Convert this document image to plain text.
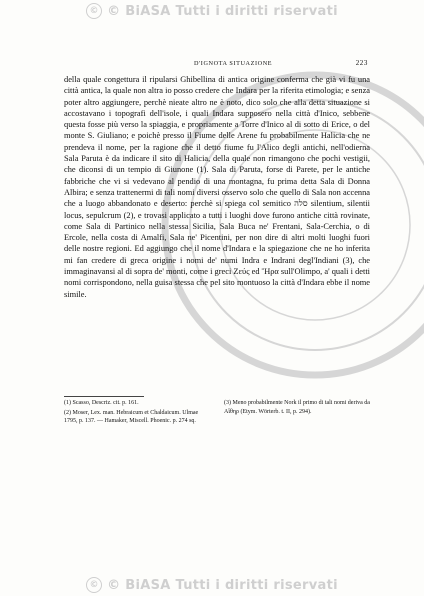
© © BiASA Tutti i diritti riservati
D'IGNOTA SITUAZIONE	223

della quale congettura il ripularsi Ghibellina di antica origine conferma che già vi fu una città antica, la quale non altra io posso credere che Indara per la riferita etimologia; e senza poter altro aggiungere, perchè nieate altro ne è noto, dico solo che alla detta situazione si accostavano i topografi dell'isole, i quali Indara supposero nella città d'Inico, sebbene questa fosse più verso la spiaggia, e propriamente a Torre d'Inico al di sotto di Erice, o del monte S. Giuliano; e poichè presso il Fiume delle Arene fu probabilmente Halicia che ne prendeva il nome, per la ragione che il detto fiume fu l'Alico degli antichi, nell'odierna Sala Paruta è da indicare il sito di Halicia, della quale non rimangono che pochi vestigii, che diconsi di un tempio di Giunone (1). Sala di Paruta, forse di Parete, per le antiche fabbriche che vi si vedevano al pendio di una montagna, fu prima detta Sala di Donna Albira; e senza trattenermi di tali nomi diversi osservo solo che quello di Sala non accenna che a luogo abbandonato e deserto: perchè si spiega col semitico סלה silentium, silentii locus, sepulcrum (2), e trovasi applicato a tutti i luoghi dove furono antiche città rovinate, come Sala di Partinico nella stessa Sicilia, Sala Buca ne' Frentani, Sala-Cerchia, o di Ercole, nella costa di Amalfi, Sala ne' Picentini, per non dire di altri molti luoghi fuori delle nostre regioni. Ed aggiungo che il nome d'Indara e la spiegazione che ne ho inferita mi fan credere di greca origine i nomi de' numi Indra e Indrani degl'Indiani (3), che immaginavansi al di sopra de' monti, come i greci Ζεύς ed Ἥρα sull'Olimpo, a' quali i detti nomi corrispondono, nella guisa stessa che pel sito montuoso la città d'Indara ebbe il nome simile.

(1) Scasso, Descriz. cit. p. 161.

(2) Moser, Lex. man. Hebraicum et Chaldaicum. Ulmae 1795, p. 137. — Hamaker, Miscell. Phoenic. p. 274 sq.

(3) Meno probabilmente Nork il primo di tali nomi deriva da Αἴθηρ (Etym. Wörterb. t. II, p. 294).

© © BiASA Tutti i diritti riservati
